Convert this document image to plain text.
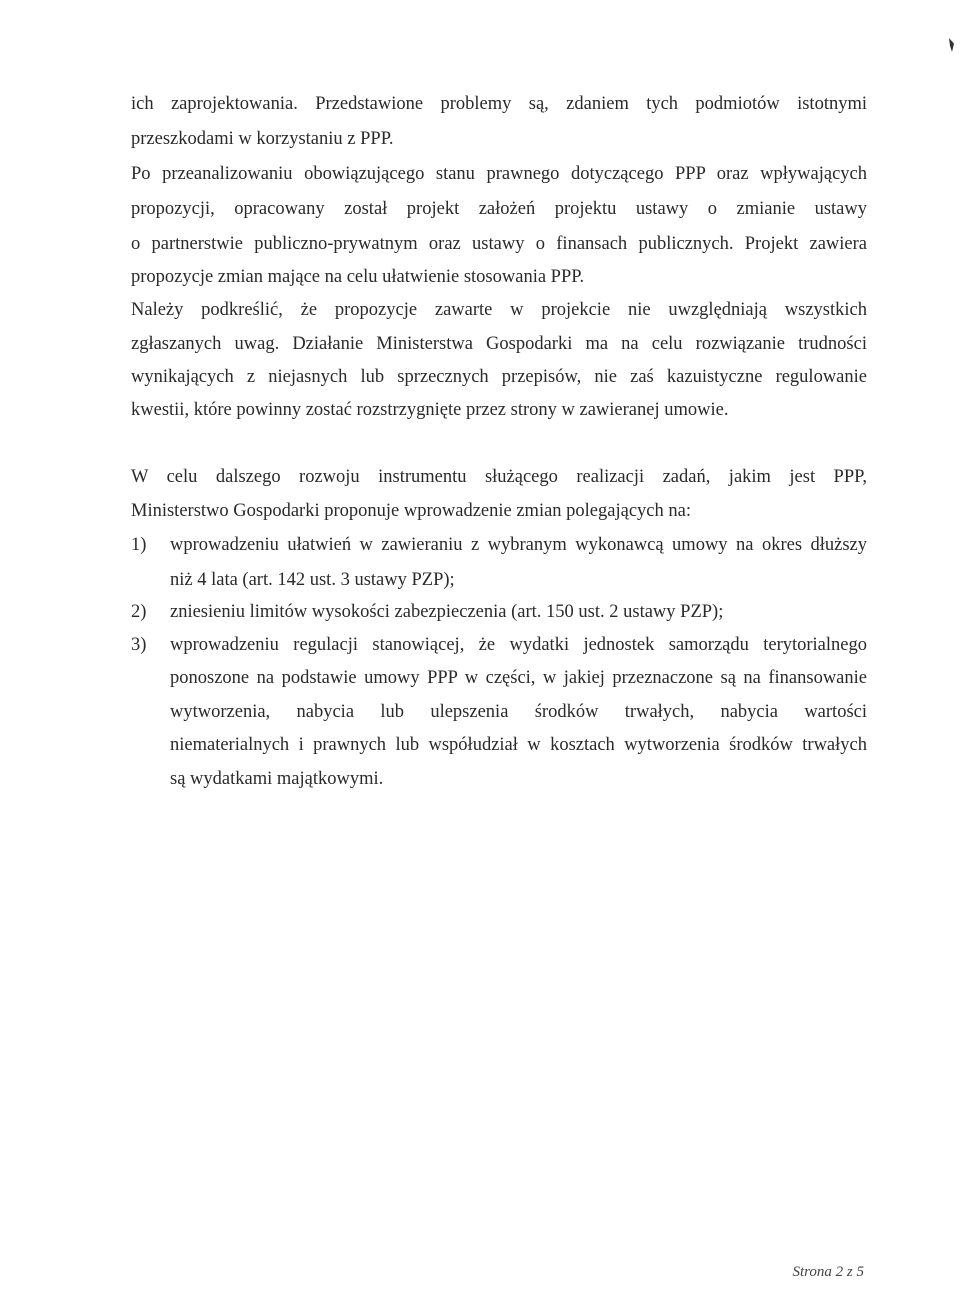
ich zaprojektowania. Przedstawione problemy są, zdaniem tych podmiotów istotnymi
przeszkodami w korzystaniu z PPP.
Po przeanalizowaniu obowiązującego stanu prawnego dotyczącego PPP oraz wpływających
propozycji, opracowany został projekt założeń projektu ustawy o zmianie ustawy
o partnerstwie publiczno-prywatnym oraz ustawy o finansach publicznych. Projekt zawiera
propozycje zmian mające na celu ułatwienie stosowania PPP.
Należy podkreślić, że propozycje zawarte w projekcie nie uwzględniają wszystkich
zgłaszanych uwag. Działanie Ministerstwa Gospodarki ma na celu rozwiązanie trudności
wynikających z niejasnych lub sprzecznych przepisów, nie zaś kazuistyczne regulowanie
kwestii, które powinny zostać rozstrzygnięte przez strony w zawieranej umowie.
W celu dalszego rozwoju instrumentu służącego realizacji zadań, jakim jest PPP,
Ministerstwo Gospodarki proponuje wprowadzenie zmian polegających na:
1) wprowadzeniu ułatwień w zawieraniu z wybranym wykonawcą umowy na okres dłuższy
niż 4 lata (art. 142 ust. 3 ustawy PZP);
2) zniesieniu limitów wysokości zabezpieczenia (art. 150 ust. 2 ustawy PZP);
3) wprowadzeniu regulacji stanowiącej, że wydatki jednostek samorządu terytorialnego
ponoszone na podstawie umowy PPP w części, w jakiej przeznaczone są na finansowanie
wytworzenia, nabycia lub ulepszenia środków trwałych, nabycia wartości
niematerialnych i prawnych lub współudział w kosztach wytworzenia środków trwałych
są wydatkami majątkowymi.
Strona 2 z 5
